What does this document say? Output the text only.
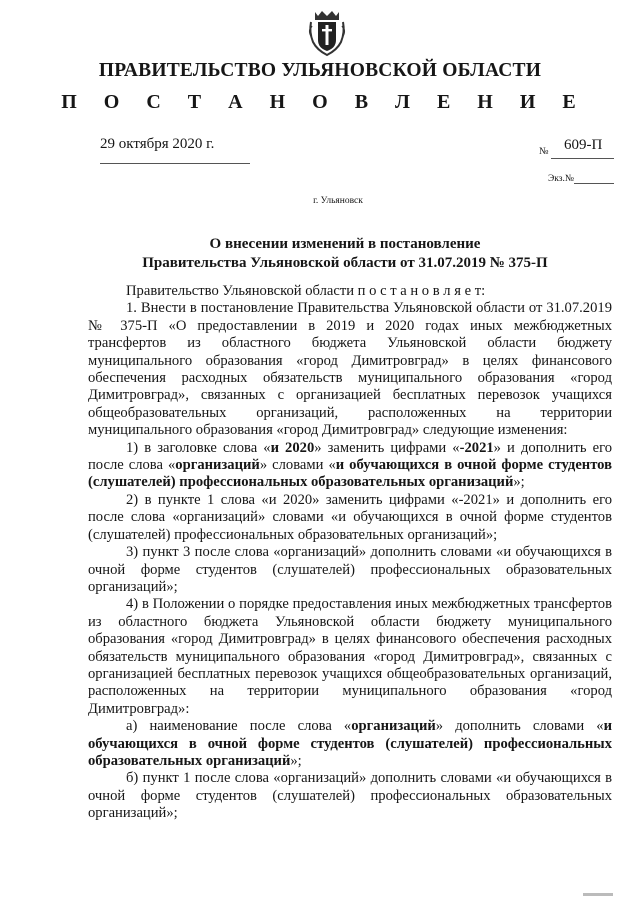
ПРАВИТЕЛЬСТВО УЛЬЯНОВСКОЙ ОБЛАСТИ
П О С Т А Н О В Л Е Н И Е
29 октября 2020 г.	№ 609-П
Экз.№
г. Ульяновск
О внесении изменений в постановление
Правительства Ульяновской области от 31.07.2019 № 375-П

Правительство Ульяновской области п о с т а н о в л я е т:

1. Внести в постановление Правительства Ульяновской области от 31.07.2019 № 375-П «О предоставлении в 2019 и 2020 годах иных межбюджетных трансфертов из областного бюджета Ульяновской области бюджету муниципального образования «город Димитровград» в целях финансового обеспечения расходных обязательств муниципального образования «город Димитровград», связанных с организацией бесплатных перевозок учащихся общеобразовательных организаций, расположенных на территории муниципального образования «город Димитровград» следующие изменения:

1) в заголовке слова «и 2020» заменить цифрами «-2021» и дополнить его после слова «организаций» словами «и обучающихся в очной форме студентов (слушателей) профессиональных образовательных организаций»;

2) в пункте 1 слова «и 2020» заменить цифрами «-2021» и дополнить его после слова «организаций» словами «и обучающихся в очной форме студентов (слушателей) профессиональных образовательных организаций»;

3) пункт 3 после слова «организаций» дополнить словами «и обучающихся в очной форме студентов (слушателей) профессиональных образовательных организаций»;

4) в Положении о порядке предоставления иных межбюджетных трансфертов из областного бюджета Ульяновской области бюджету муниципального образования «город Димитровград» в целях финансового обеспечения расходных обязательств муниципального образования «город Димитровград», связанных с организацией бесплатных перевозок учащихся общеобразовательных организаций, расположенных на территории муниципального образования «город Димитровград»:

а) наименование после слова «организаций» дополнить словами «и обучающихся в очной форме студентов (слушателей) профессиональных образовательных организаций»;

б) пункт 1 после слова «организаций» дополнить словами «и обучающихся в очной форме студентов (слушателей) профессиональных образовательных организаций»;
